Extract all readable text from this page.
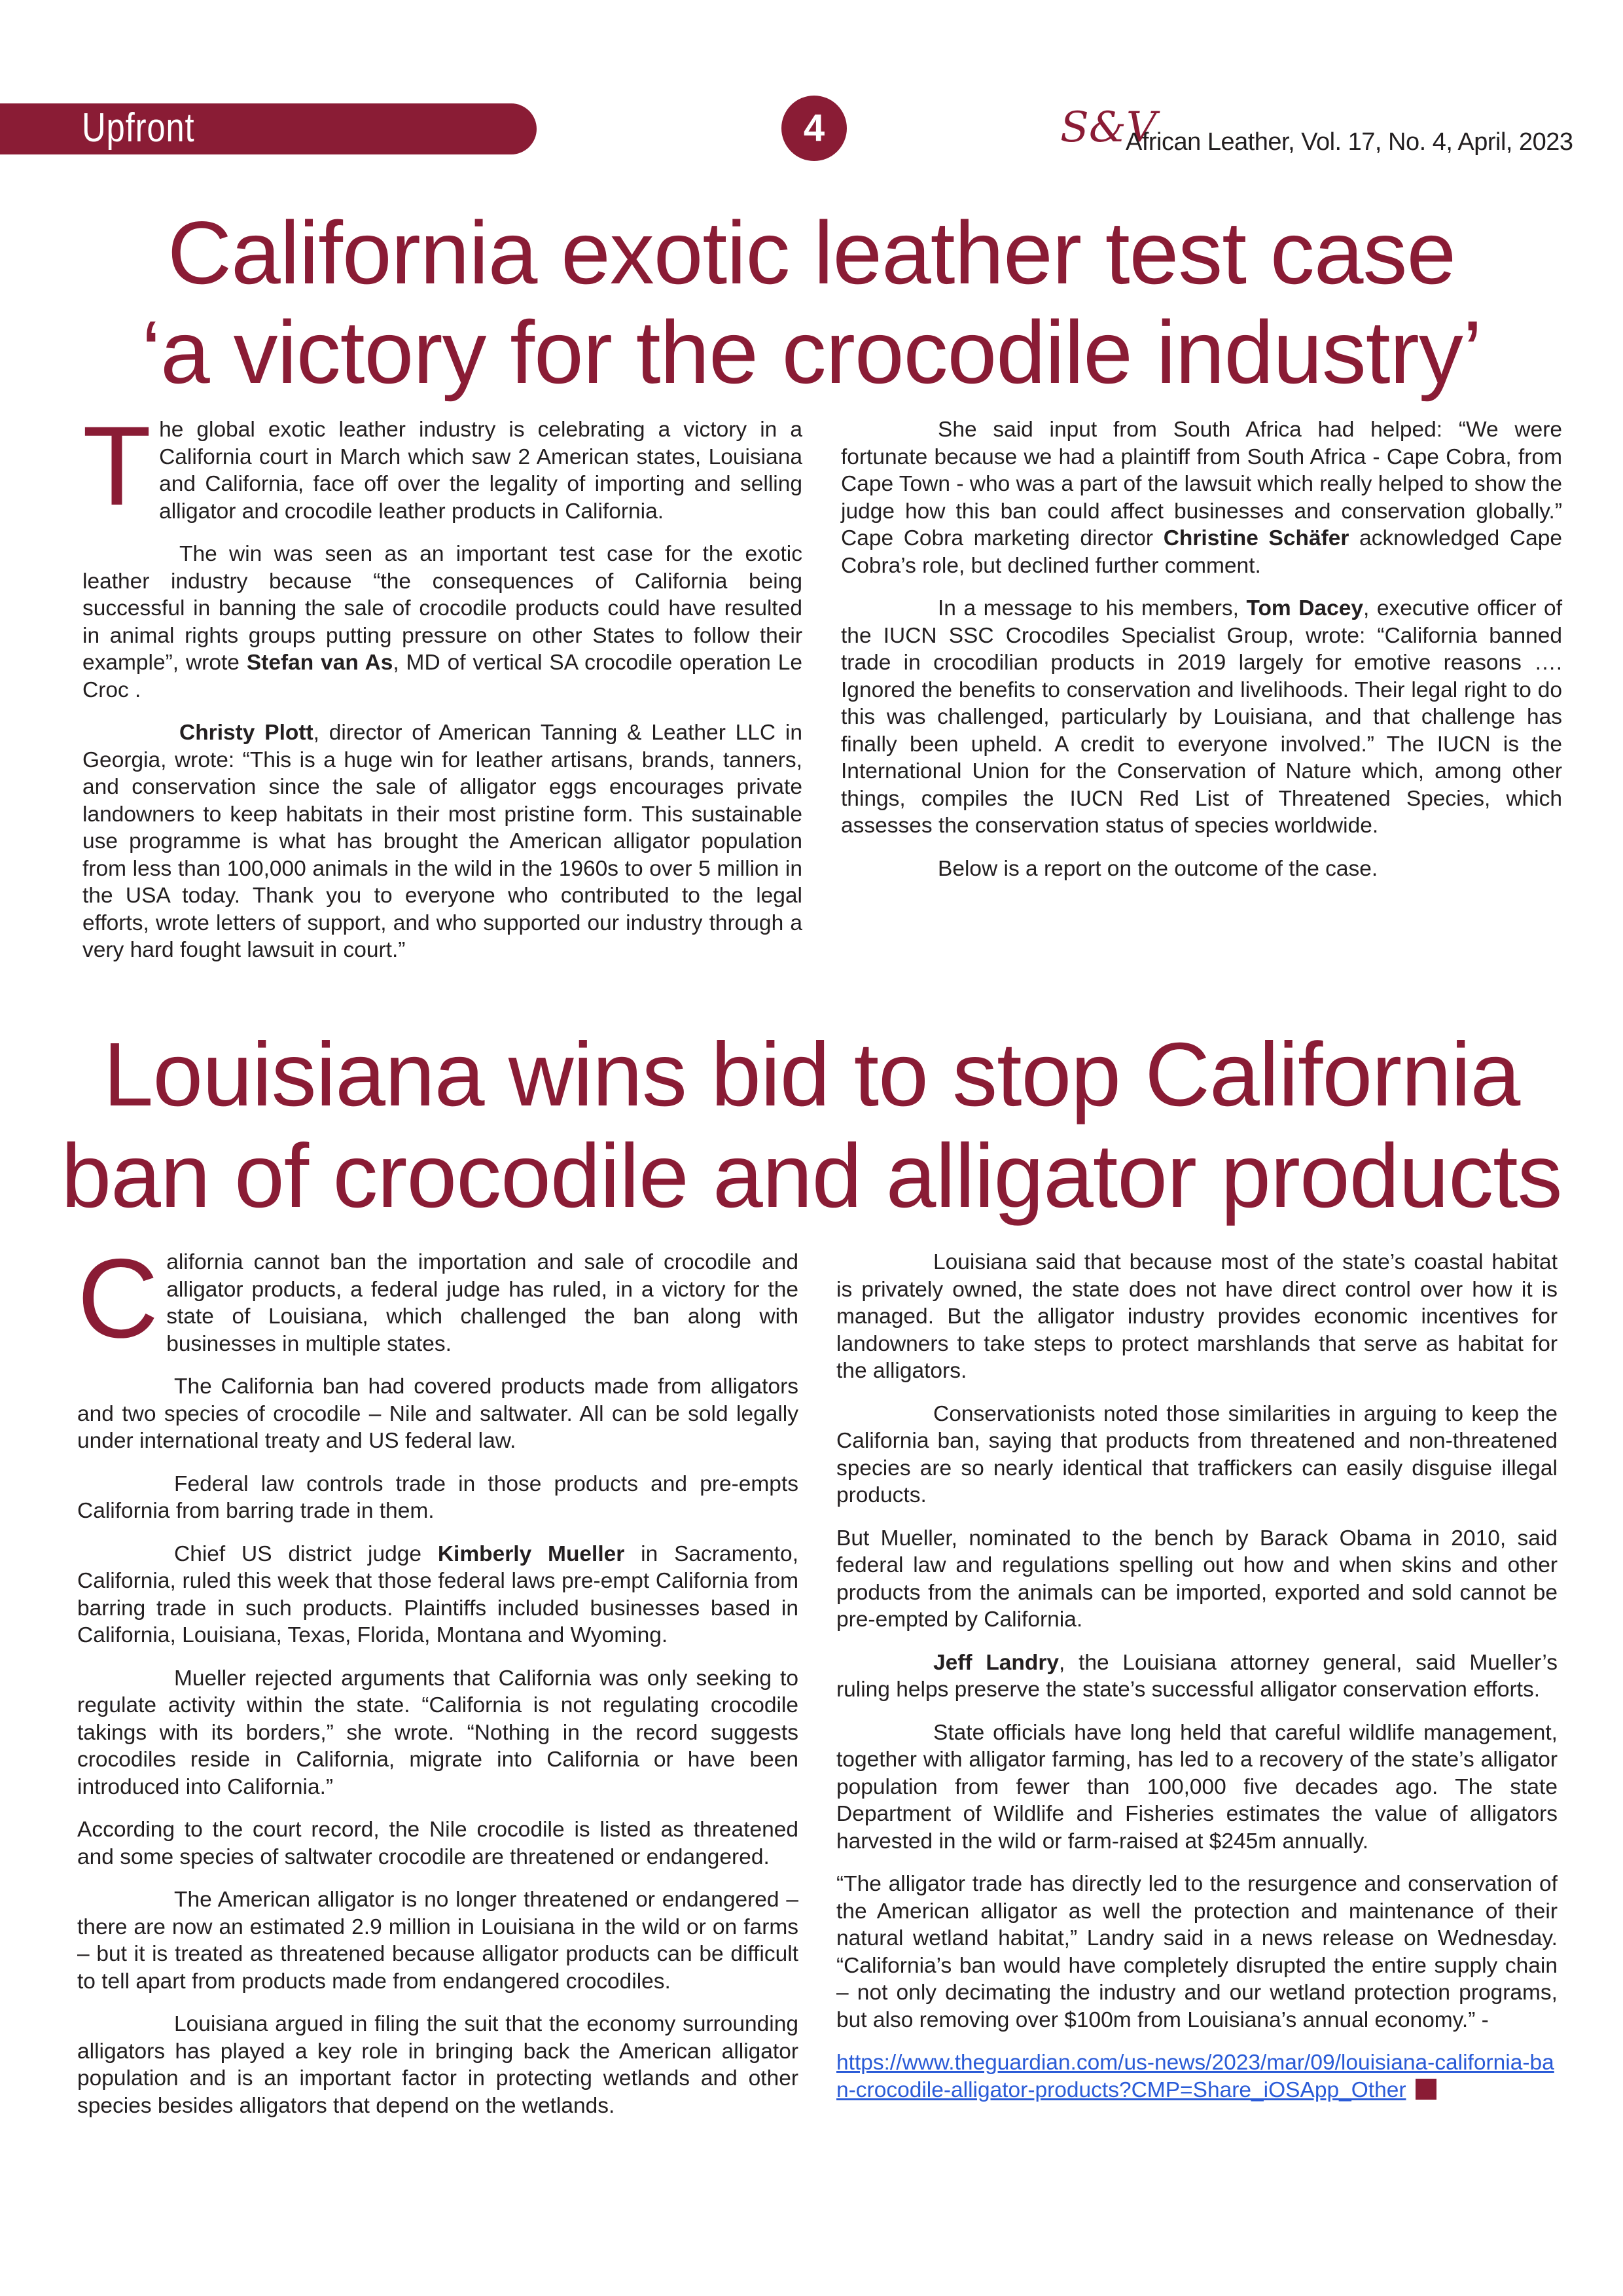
Upfront	4	S&V
African Leather, Vol. 17, No. 4, April, 2023
California exotic leather test case
‘a victory for the crocodile industry’

The global exotic leather industry is celebrating a victory in a California court in March which saw 2 American states, Louisiana and California, face off over the legality of importing and selling alligator and crocodile leather products in California.

The win was seen as an important test case for the exotic leather industry because “the consequences of California being successful in banning the sale of crocodile products could have resulted in animal rights groups putting pressure on other States to follow their example”, wrote Stefan van As, MD of vertical SA crocodile operation Le Croc .

Christy Plott, director of American Tanning & Leather LLC in Georgia, wrote: “This is a huge win for leather artisans, brands, tanners, and conservation since the sale of alligator eggs encourages private landowners to keep habitats in their most pristine form. This sustainable use programme is what has brought the American alligator population from less than 100,000 animals in the wild in the 1960s to over 5 million in the USA today. Thank you to everyone who contributed to the legal efforts, wrote letters of support, and who supported our industry through a very hard fought lawsuit in court.”

She said input from South Africa had helped: “We were fortunate because we had a plaintiff from South Africa - Cape Cobra, from Cape Town - who was a part of the lawsuit which really helped to show the judge how this ban could affect businesses and conservation globally.” Cape Cobra marketing director Christine Schäfer acknowledged Cape Cobra’s role, but declined further comment.

In a message to his members, Tom Dacey, executive officer of the IUCN SSC Crocodiles Specialist Group, wrote: “California banned trade in crocodilian products in 2019 largely for emotive reasons …. Ignored the benefits to conservation and livelihoods. Their legal right to do this was challenged, particularly by Louisiana, and that challenge has finally been upheld. A credit to everyone involved.” The IUCN is the International Union for the Conservation of Nature which, among other things, compiles the IUCN Red List of Threatened Species, which assesses the conservation status of species worldwide.

Below is a report on the outcome of the case.

Louisiana wins bid to stop California
ban of crocodile and alligator products

California cannot ban the importation and sale of crocodile and alligator products, a federal judge has ruled, in a victory for the state of Louisiana, which challenged the ban along with businesses in multiple states.

The California ban had covered products made from alligators and two species of crocodile – Nile and saltwater. All can be sold legally under international treaty and US federal law.

Federal law controls trade in those products and pre-empts California from barring trade in them.

Chief US district judge Kimberly Mueller in Sacramento, California, ruled this week that those federal laws pre-empt California from barring trade in such products. Plaintiffs included businesses based in California, Louisiana, Texas, Florida, Montana and Wyoming.

Mueller rejected arguments that California was only seeking to regulate activity within the state. “California is not regulating crocodile takings with its borders,” she wrote. “Nothing in the record suggests crocodiles reside in California, migrate into California or have been introduced into California.”

According to the court record, the Nile crocodile is listed as threatened and some species of saltwater crocodile are threatened or endangered.

The American alligator is no longer threatened or endangered – there are now an estimated 2.9 million in Louisiana in the wild or on farms – but it is treated as threatened because alligator products can be difficult to tell apart from products made from endangered crocodiles.

Louisiana argued in filing the suit that the economy surrounding alligators has played a key role in bringing back the American alligator population and is an important factor in protecting wetlands and other species besides alligators that depend on the wetlands.

Louisiana said that because most of the state’s coastal habitat is privately owned, the state does not have direct control over how it is managed. But the alligator industry provides economic incentives for landowners to take steps to protect marshlands that serve as habitat for the alligators.

Conservationists noted those similarities in arguing to keep the California ban, saying that products from threatened and non-threatened species are so nearly identical that traffickers can easily disguise illegal products.

But Mueller, nominated to the bench by Barack Obama in 2010, said federal law and regulations spelling out how and when skins and other products from the animals can be imported, exported and sold cannot be pre-empted by California.

Jeff Landry, the Louisiana attorney general, said Mueller’s ruling helps preserve the state’s successful alligator conservation efforts.

State officials have long held that careful wildlife management, together with alligator farming, has led to a recovery of the state’s alligator population from fewer than 100,000 five decades ago. The state Department of Wildlife and Fisheries estimates the value of alligators harvested in the wild or farm-raised at $245m annually.

“The alligator trade has directly led to the resurgence and conservation of the American alligator as well the protection and maintenance of their natural wetland habitat,” Landry said in a news release on Wednesday. “California’s ban would have completely disrupted the entire supply chain – not only decimating the industry and our wetland protection programs, but also removing over $100m from Louisiana’s annual economy.” -

https://www.theguardian.com/us-news/2023/mar/09/louisiana-california-ban-crocodile-alligator-products?CMP=Share_iOSApp_Other
